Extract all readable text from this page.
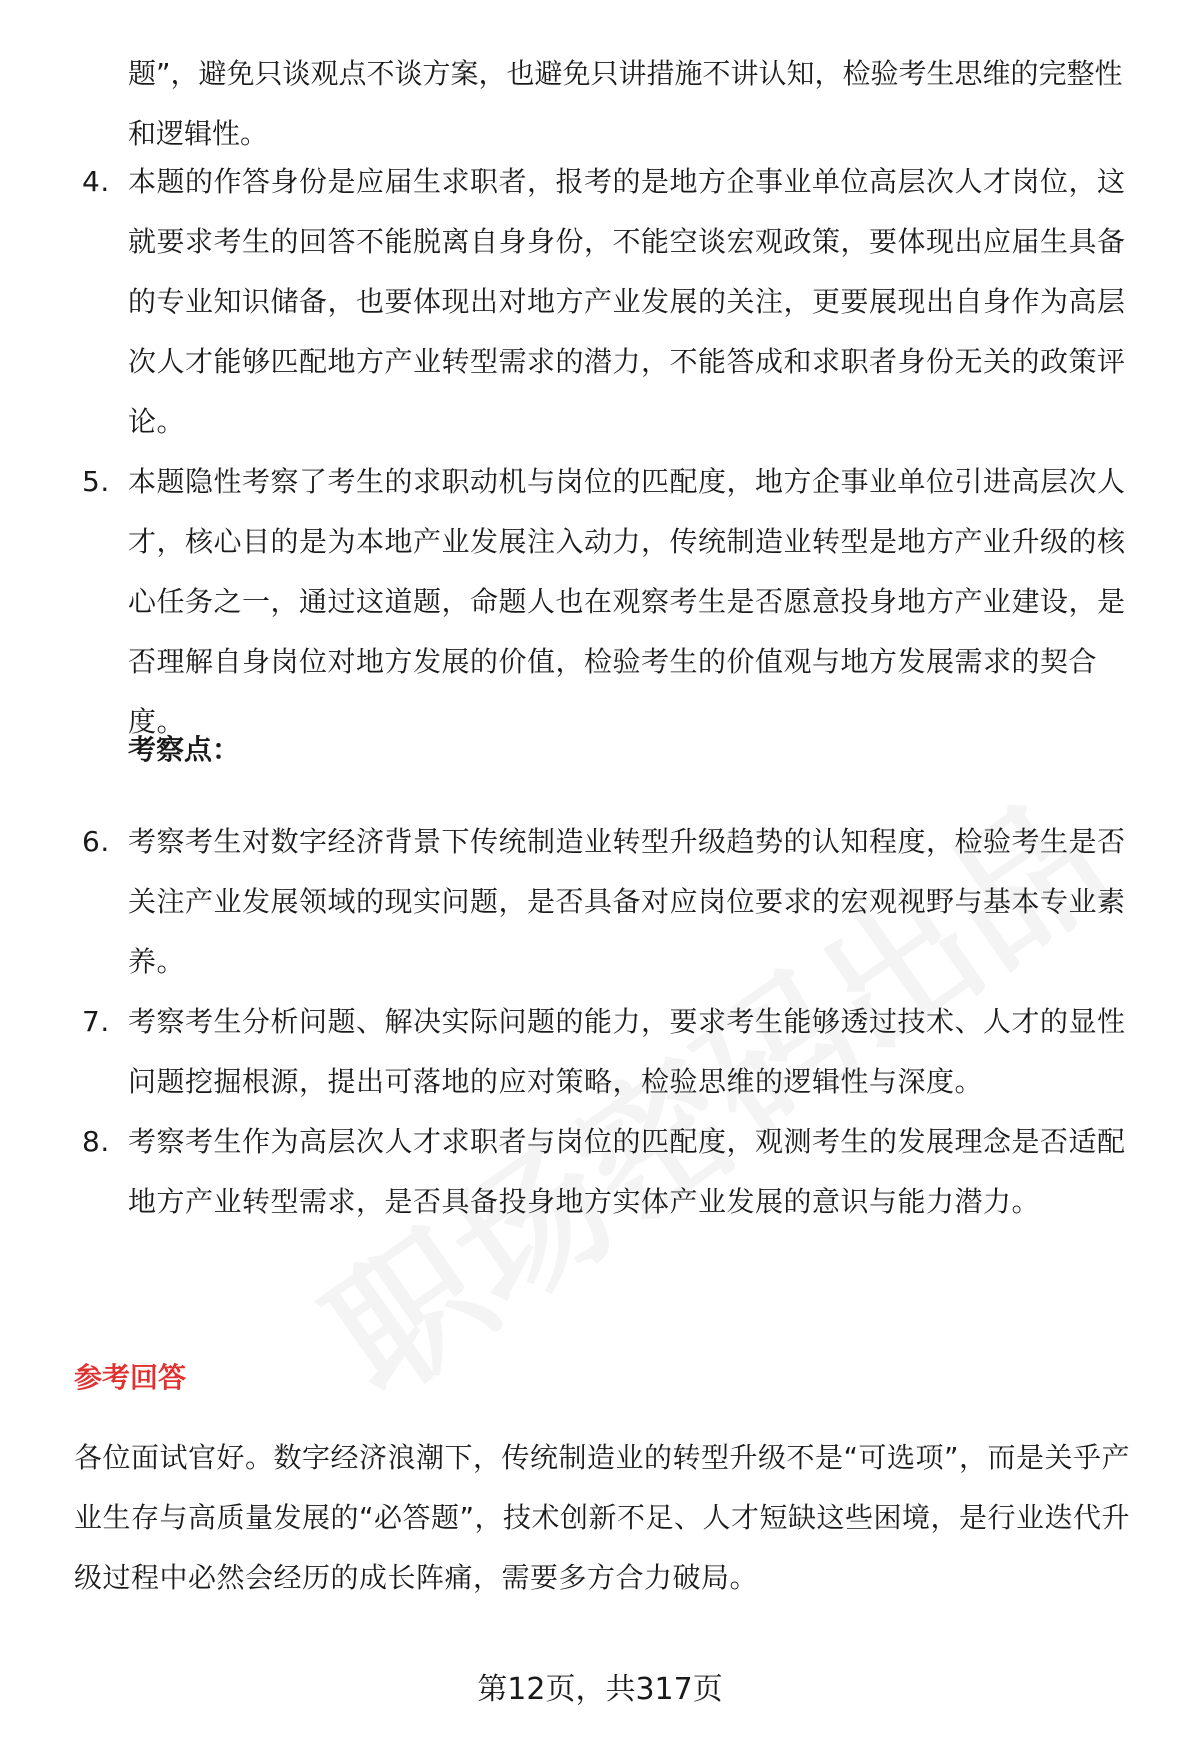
题”，避免只谈观点不谈方案，也避免只讲措施不讲认知，检验考生思维的完整性和逻辑性。
4. 本题的作答身份是应届生求职者，报考的是地方企事业单位高层次人才岗位，这就要求考生的回答不能脱离自身身份，不能空谈宏观政策，要体现出应届生具备的专业知识储备，也要体现出对地方产业发展的关注，更要展现出自身作为高层次人才能够匹配地方产业转型需求的潜力，不能答成和求职者身份无关的政策评论。
5. 本题隐性考察了考生的求职动机与岗位的匹配度，地方企事业单位引进高层次人才，核心目的是为本地产业发展注入动力，传统制造业转型是地方产业升级的核心任务之一，通过这道题，命题人也在观察考生是否愿意投身地方产业建设，是否理解自身岗位对地方发展的价值，检验考生的价值观与地方发展需求的契合度。
考察点：
6. 考察考生对数字经济背景下传统制造业转型升级趋势的认知程度，检验考生是否关注产业发展领域的现实问题，是否具备对应岗位要求的宏观视野与基本专业素养。
7. 考察考生分析问题、解决实际问题的能力，要求考生能够透过技术、人才的显性问题挖掘根源，提出可落地的应对策略，检验思维的逻辑性与深度。
8. 考察考生作为高层次人才求职者与岗位的匹配度，观测考生的发展理念是否适配地方产业转型需求，是否具备投身地方实体产业发展的意识与能力潜力。
参考回答
各位面试官好。数字经济浪潮下，传统制造业的转型升级不是“可选项”，而是关乎产业生存与高质量发展的“必答题”，技术创新不足、人才短缺这些困境，是行业迭代升级过程中必然会经历的成长阵痛，需要多方合力破局。
第12页，共317页
